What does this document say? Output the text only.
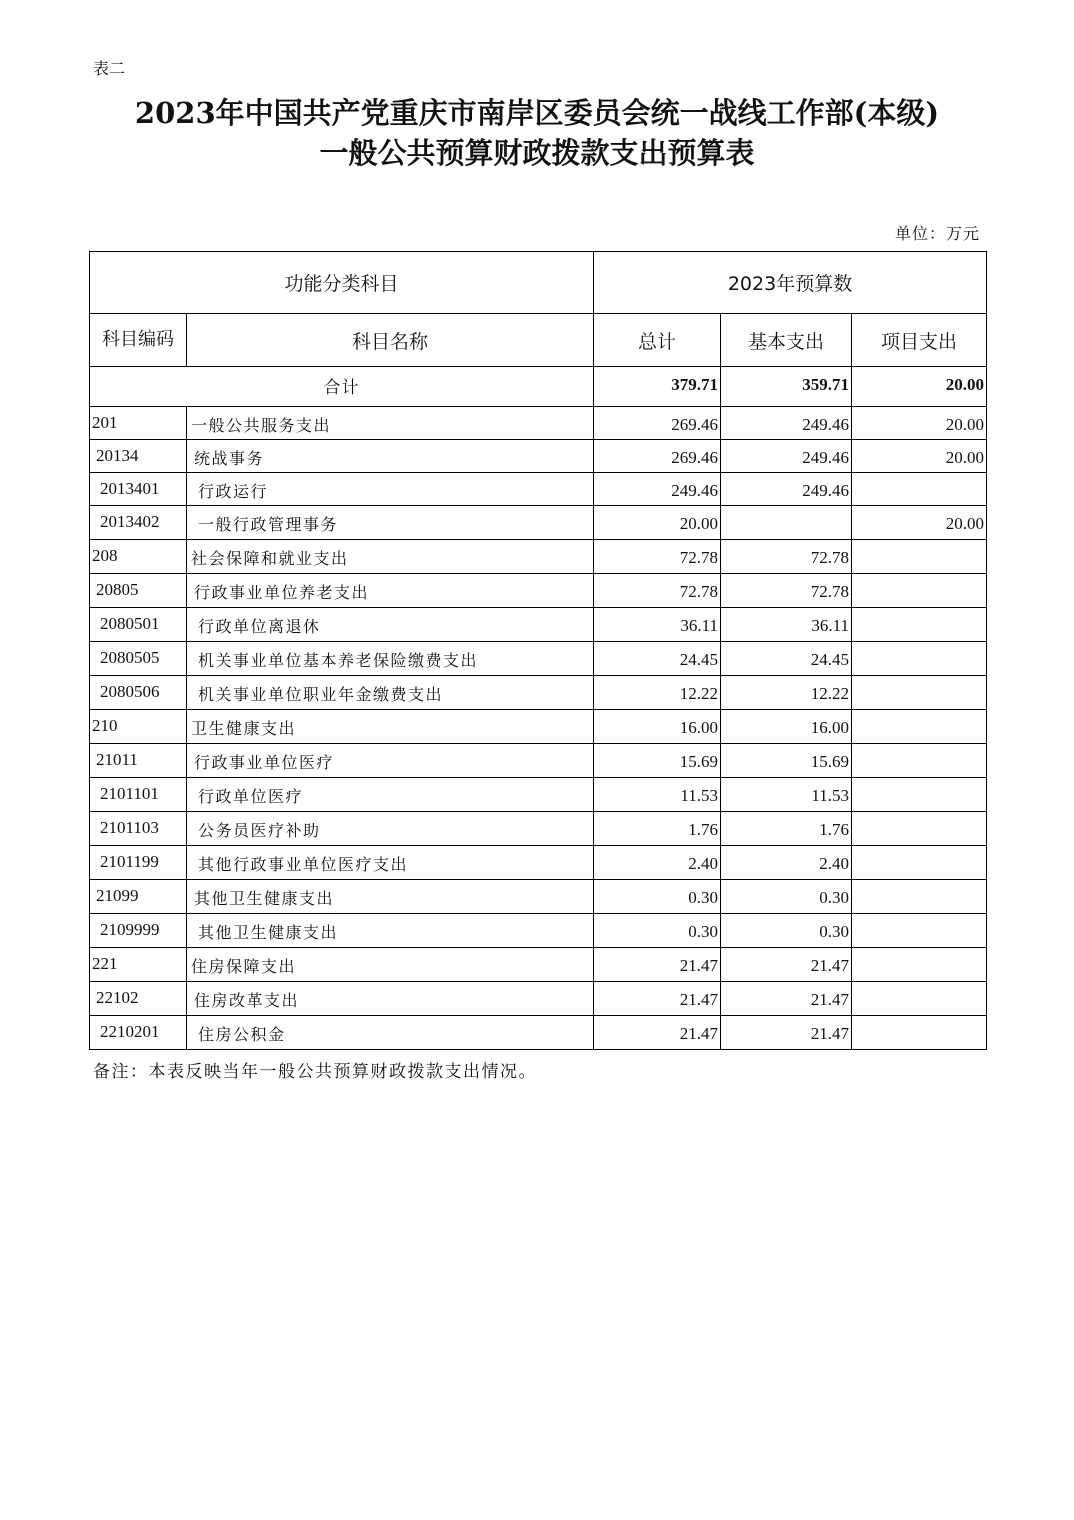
表二
2023年中国共产党重庆市南岸区委员会统一战线工作部(本级)
一般公共预算财政拨款支出预算表
单位：万元
功能分类科目		2023年预算数		
科目编码	科目名称	总计	基本支出	项目支出
合计		379.71	359.71	20.00
201	一般公共服务支出	269.46	249.46	20.00
20134	统战事务	269.46	249.46	20.00
2013401	行政运行	249.46	249.46	
2013402	一般行政管理事务	20.00		20.00
208	社会保障和就业支出	72.78	72.78	
20805	行政事业单位养老支出	72.78	72.78	
2080501	行政单位离退休	36.11	36.11	
2080505	机关事业单位基本养老保险缴费支出	24.45	24.45	
2080506	机关事业单位职业年金缴费支出	12.22	12.22	
210	卫生健康支出	16.00	16.00	
21011	行政事业单位医疗	15.69	15.69	
2101101	行政单位医疗	11.53	11.53	
2101103	公务员医疗补助	1.76	1.76	
2101199	其他行政事业单位医疗支出	2.40	2.40	
21099	其他卫生健康支出	0.30	0.30	
2109999	其他卫生健康支出	0.30	0.30	
221	住房保障支出	21.47	21.47	
22102	住房改革支出	21.47	21.47	
2210201	住房公积金	21.47	21.47	
备注：本表反映当年一般公共预算财政拨款支出情况。
